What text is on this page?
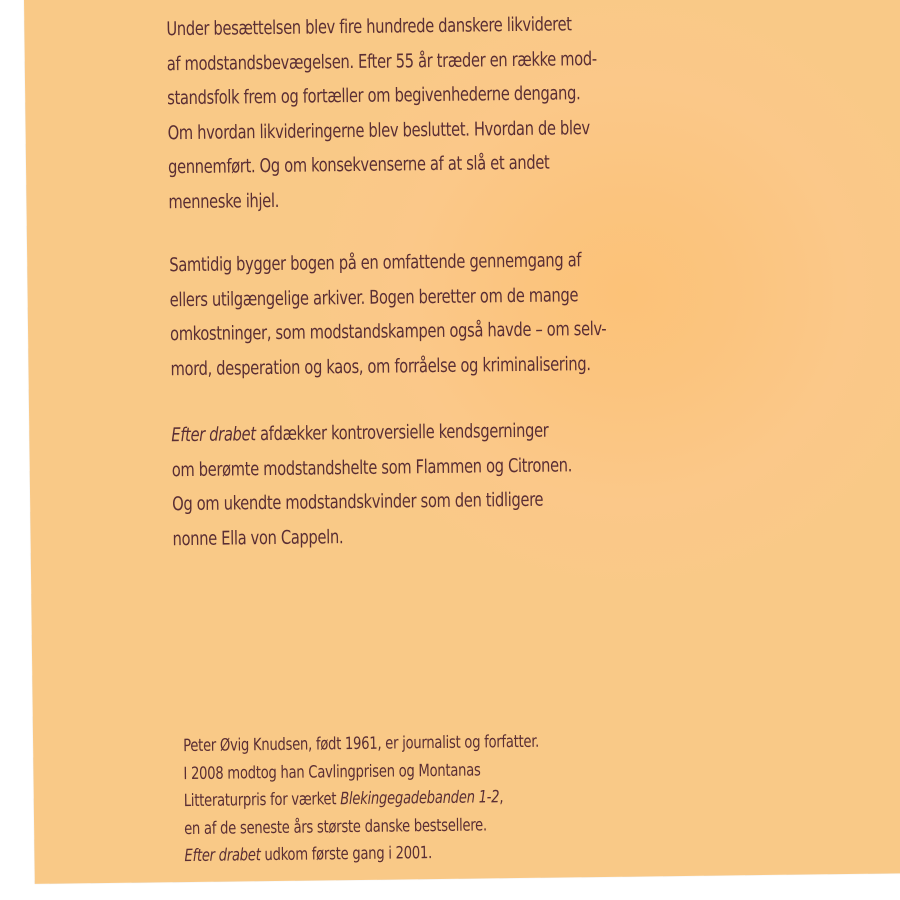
Under besættelsen blev fire hundrede danskere likvideret

af modstandsbevægelsen. Efter 55 år træder en række mod-

standsfolk frem og fortæller om begivenhederne dengang.

Om hvordan likvideringerne blev besluttet. Hvordan de blev

gennemført. Og om konsekvenserne af at slå et andet

menneske ihjel.

Samtidig bygger bogen på en omfattende gennemgang af

ellers utilgængelige arkiver. Bogen beretter om de mange

omkostninger, som modstandskampen også havde – om selv-

mord, desperation og kaos, om forråelse og kriminalisering.

Efter drabet afdækker kontroversielle kendsgerninger

om berømte modstandshelte som Flammen og Citronen.

Og om ukendte modstandskvinder som den tidligere

nonne Ella von Cappeln.

Peter Øvig Knudsen, født 1961, er journalist og forfatter.

I 2008 modtog han Cavlingprisen og Montanas

Litteraturpris for værket Blekingegadebanden 1-2,

en af de seneste års største danske bestsellere.

Efter drabet udkom første gang i 2001.
